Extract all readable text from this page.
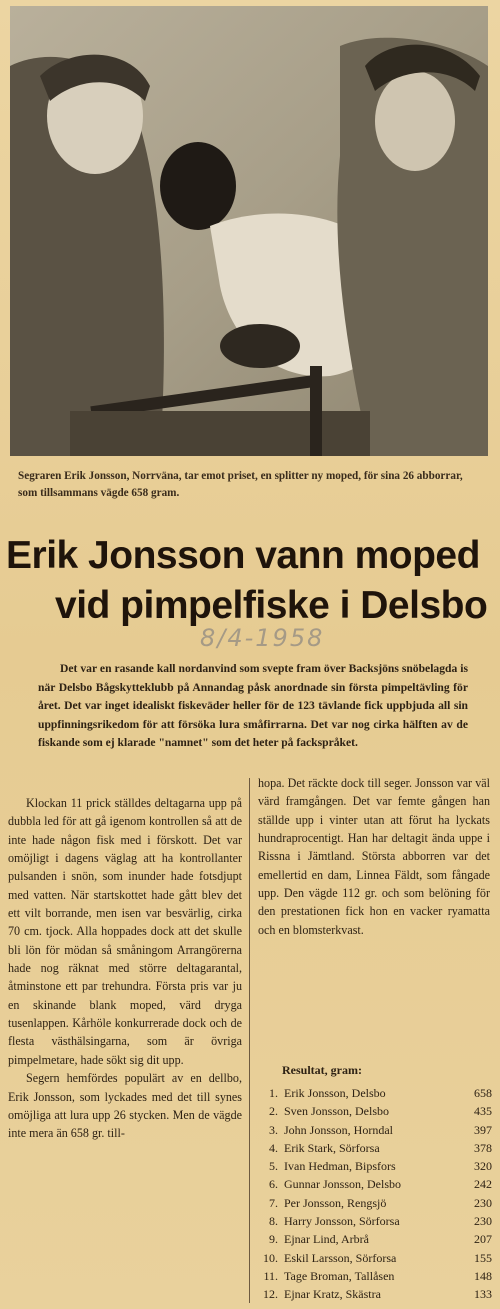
Segraren Erik Jonsson, Norrväna, tar emot priset, en splitter ny moped, för sina 26 abborrar, som tillsammans vägde 658 gram.
Erik Jonsson vann moped
vid pimpelfiske i Delsbo
8/4-1958
Det var en rasande kall nordanvind som svepte fram över Backsjöns snöbelagda is när Delsbo Bågskytteklubb på Annandag påsk anordnade sin första pimpeltävling för året. Det var inget idealiskt fiskeväder heller för de 123 tävlande fick uppbjuda all sin uppfinningsrikedom för att försöka lura småfirrarna. Det var nog cirka hälften av de fiskande som ej klarade "namnet" som det heter på fackspråket.

Klockan 11 prick ställdes deltagarna upp på dubbla led för att gå igenom kontrollen så att de inte hade någon fisk med i förskott. Det var omöjligt i dagens väglag att ha kontrollanter pulsanden i snön, som inunder hade fotsdjupt med vatten. När startskottet hade gått blev det ett vilt borrande, men isen var besvärlig, cirka 70 cm. tjock. Alla hoppades dock att det skulle bli lön för mödan så småningom Arrangörerna hade nog räknat med större deltagarantal, åtminstone ett par trehundra. Första pris var ju en skinande blank moped, värd dryga tusenlappen. Kårhöle konkurrerade dock och de flesta västhälsingarna, som är övriga pimpelmetare, hade sökt sig dit upp.

Segern hemfördes populärt av en dellbo, Erik Jonsson, som lyckades med det till synes omöjliga att lura upp 26 stycken. Men de vägde inte mera än 658 gr. till-

hopa. Det räckte dock till seger. Jonsson var väl värd framgången. Det var femte gången han ställde upp i vinter utan att förut ha lyckats hundraprocentigt. Han har deltagit ända uppe i Rissna i Jämtland. Största abborren var det emellertid en dam, Linnea Fäldt, som fångade upp. Den vägde 112 gr. och som belöning för den prestationen fick hon en vacker ryamatta och en blomsterkvast.

Resultat, gram:
1. Erik Jonsson, Delsbo	658
2. Sven Jonsson, Delsbo	435
3. John Jonsson, Horndal	397
4. Erik Stark, Sörforsa	378
5. Ivan Hedman, Bipsfors	320
6. Gunnar Jonsson, Delsbo	242
7. Per Jonsson, Rengsjö	230
8. Harry Jonsson, Sörforsa	230
9. Ejnar Lind, Arbrå	207
10. Eskil Larsson, Sörforsa	155
11. Tage Broman, Tallåsen	148
12. Ejnar Kratz, Skästra	133
